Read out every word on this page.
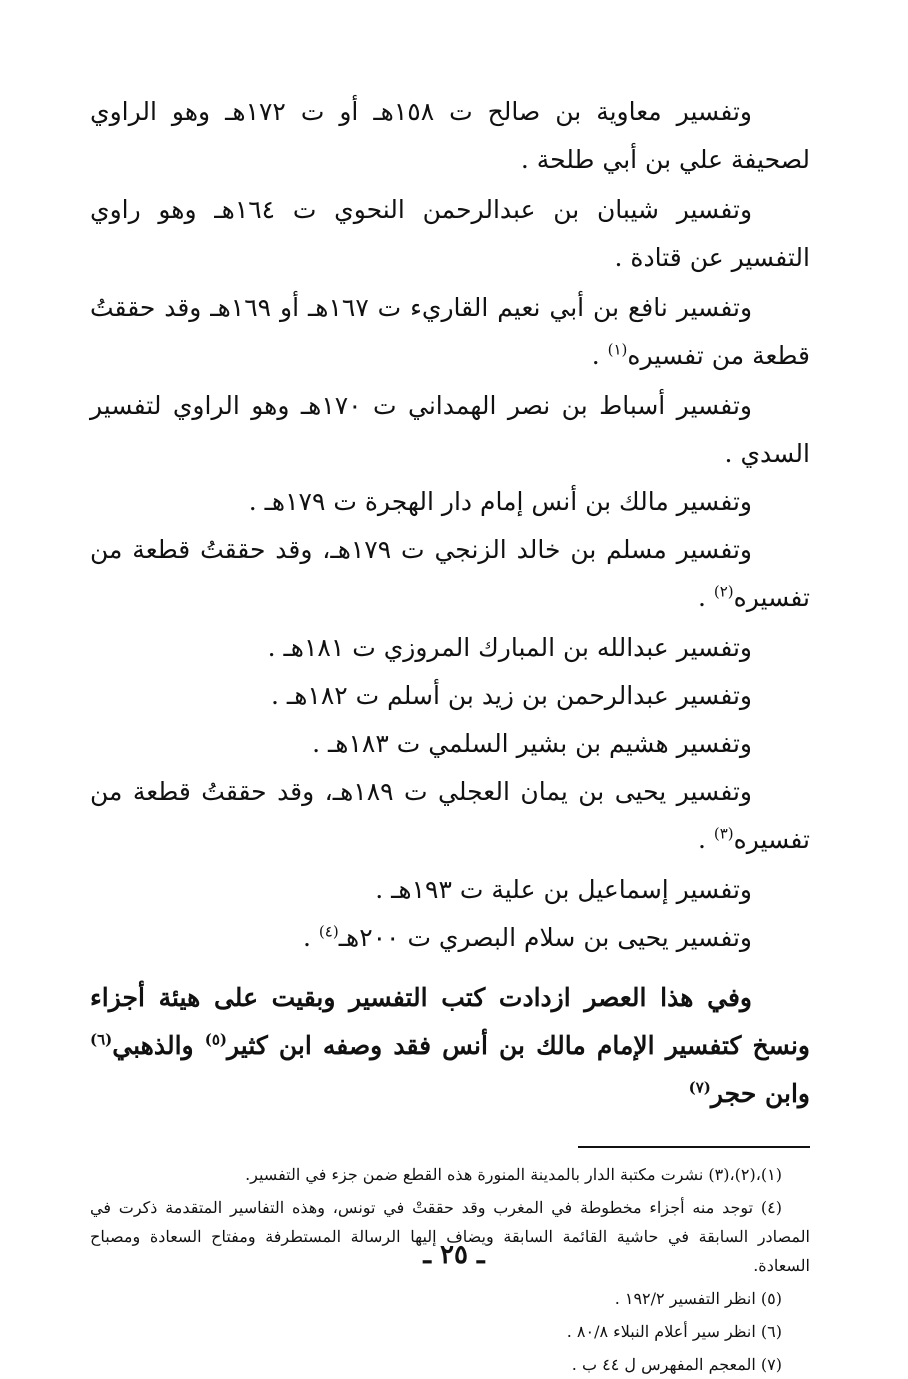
وتفسير معاوية بن صالح ت ١٥٨هـ أو ت ١٧٢هـ وهو الراوي لصحيفة علي بن أبي طلحة .

وتفسير شيبان بن عبدالرحمن النحوي ت ١٦٤هـ وهو راوي التفسير عن قتادة .

وتفسير نافع بن أبي نعيم القاريء ت ١٦٧هـ أو ١٦٩هـ وقد حققتُ قطعة من تفسيره$^{(١)}$ .

وتفسير أسباط بن نصر الهمداني ت ١٧٠هـ وهو الراوي لتفسير السدي .

وتفسير مالك بن أنس إمام دار الهجرة ت ١٧٩هـ .

وتفسير مسلم بن خالد الزنجي ت ١٧٩هـ، وقد حققتُ قطعة من تفسيره$^{(٢)}$ .

وتفسير عبدالله بن المبارك المروزي ت ١٨١هـ .

وتفسير عبدالرحمن بن زيد بن أسلم ت ١٨٢هـ .

وتفسير هشيم بن بشير السلمي ت ١٨٣هـ .

وتفسير يحيى بن يمان العجلي ت ١٨٩هـ، وقد حققتُ قطعة من تفسيره$^{(٣)}$ .

وتفسير إسماعيل بن علية ت ١٩٣هـ .

وتفسير يحيى بن سلام البصري ت ٢٠٠هـ$^{(٤)}$ .

وفي هذا العصر ازدادت كتب التفسير وبقيت على هيئة أجزاء ونسخ كتفسير الإمام مالك بن أنس فقد وصفه ابن كثير$^{(٥)}$ والذهبي$^{(٦)}$ وابن حجر$^{(٧)}$

(١)،(٢)،(٣) نشرت مكتبة الدار بالمدينة المنورة هذه القطع ضمن جزء في التفسير.

(٤) توجد منه أجزاء مخطوطة في المغرب وقد حققتْ في تونس، وهذه التفاسير المتقدمة ذكرت في المصادر السابقة في حاشية القائمة السابقة ويضاف إليها الرسالة المستطرفة ومفتاح السعادة ومصباح السعادة.

(٥) انظر التفسير ١٩٢/٢ .

(٦) انظر سير أعلام النبلاء ٨٠/٨ .

(٧) المعجم المفهرس ل ٤٤ ب .

ـ ٢٥ ـ
